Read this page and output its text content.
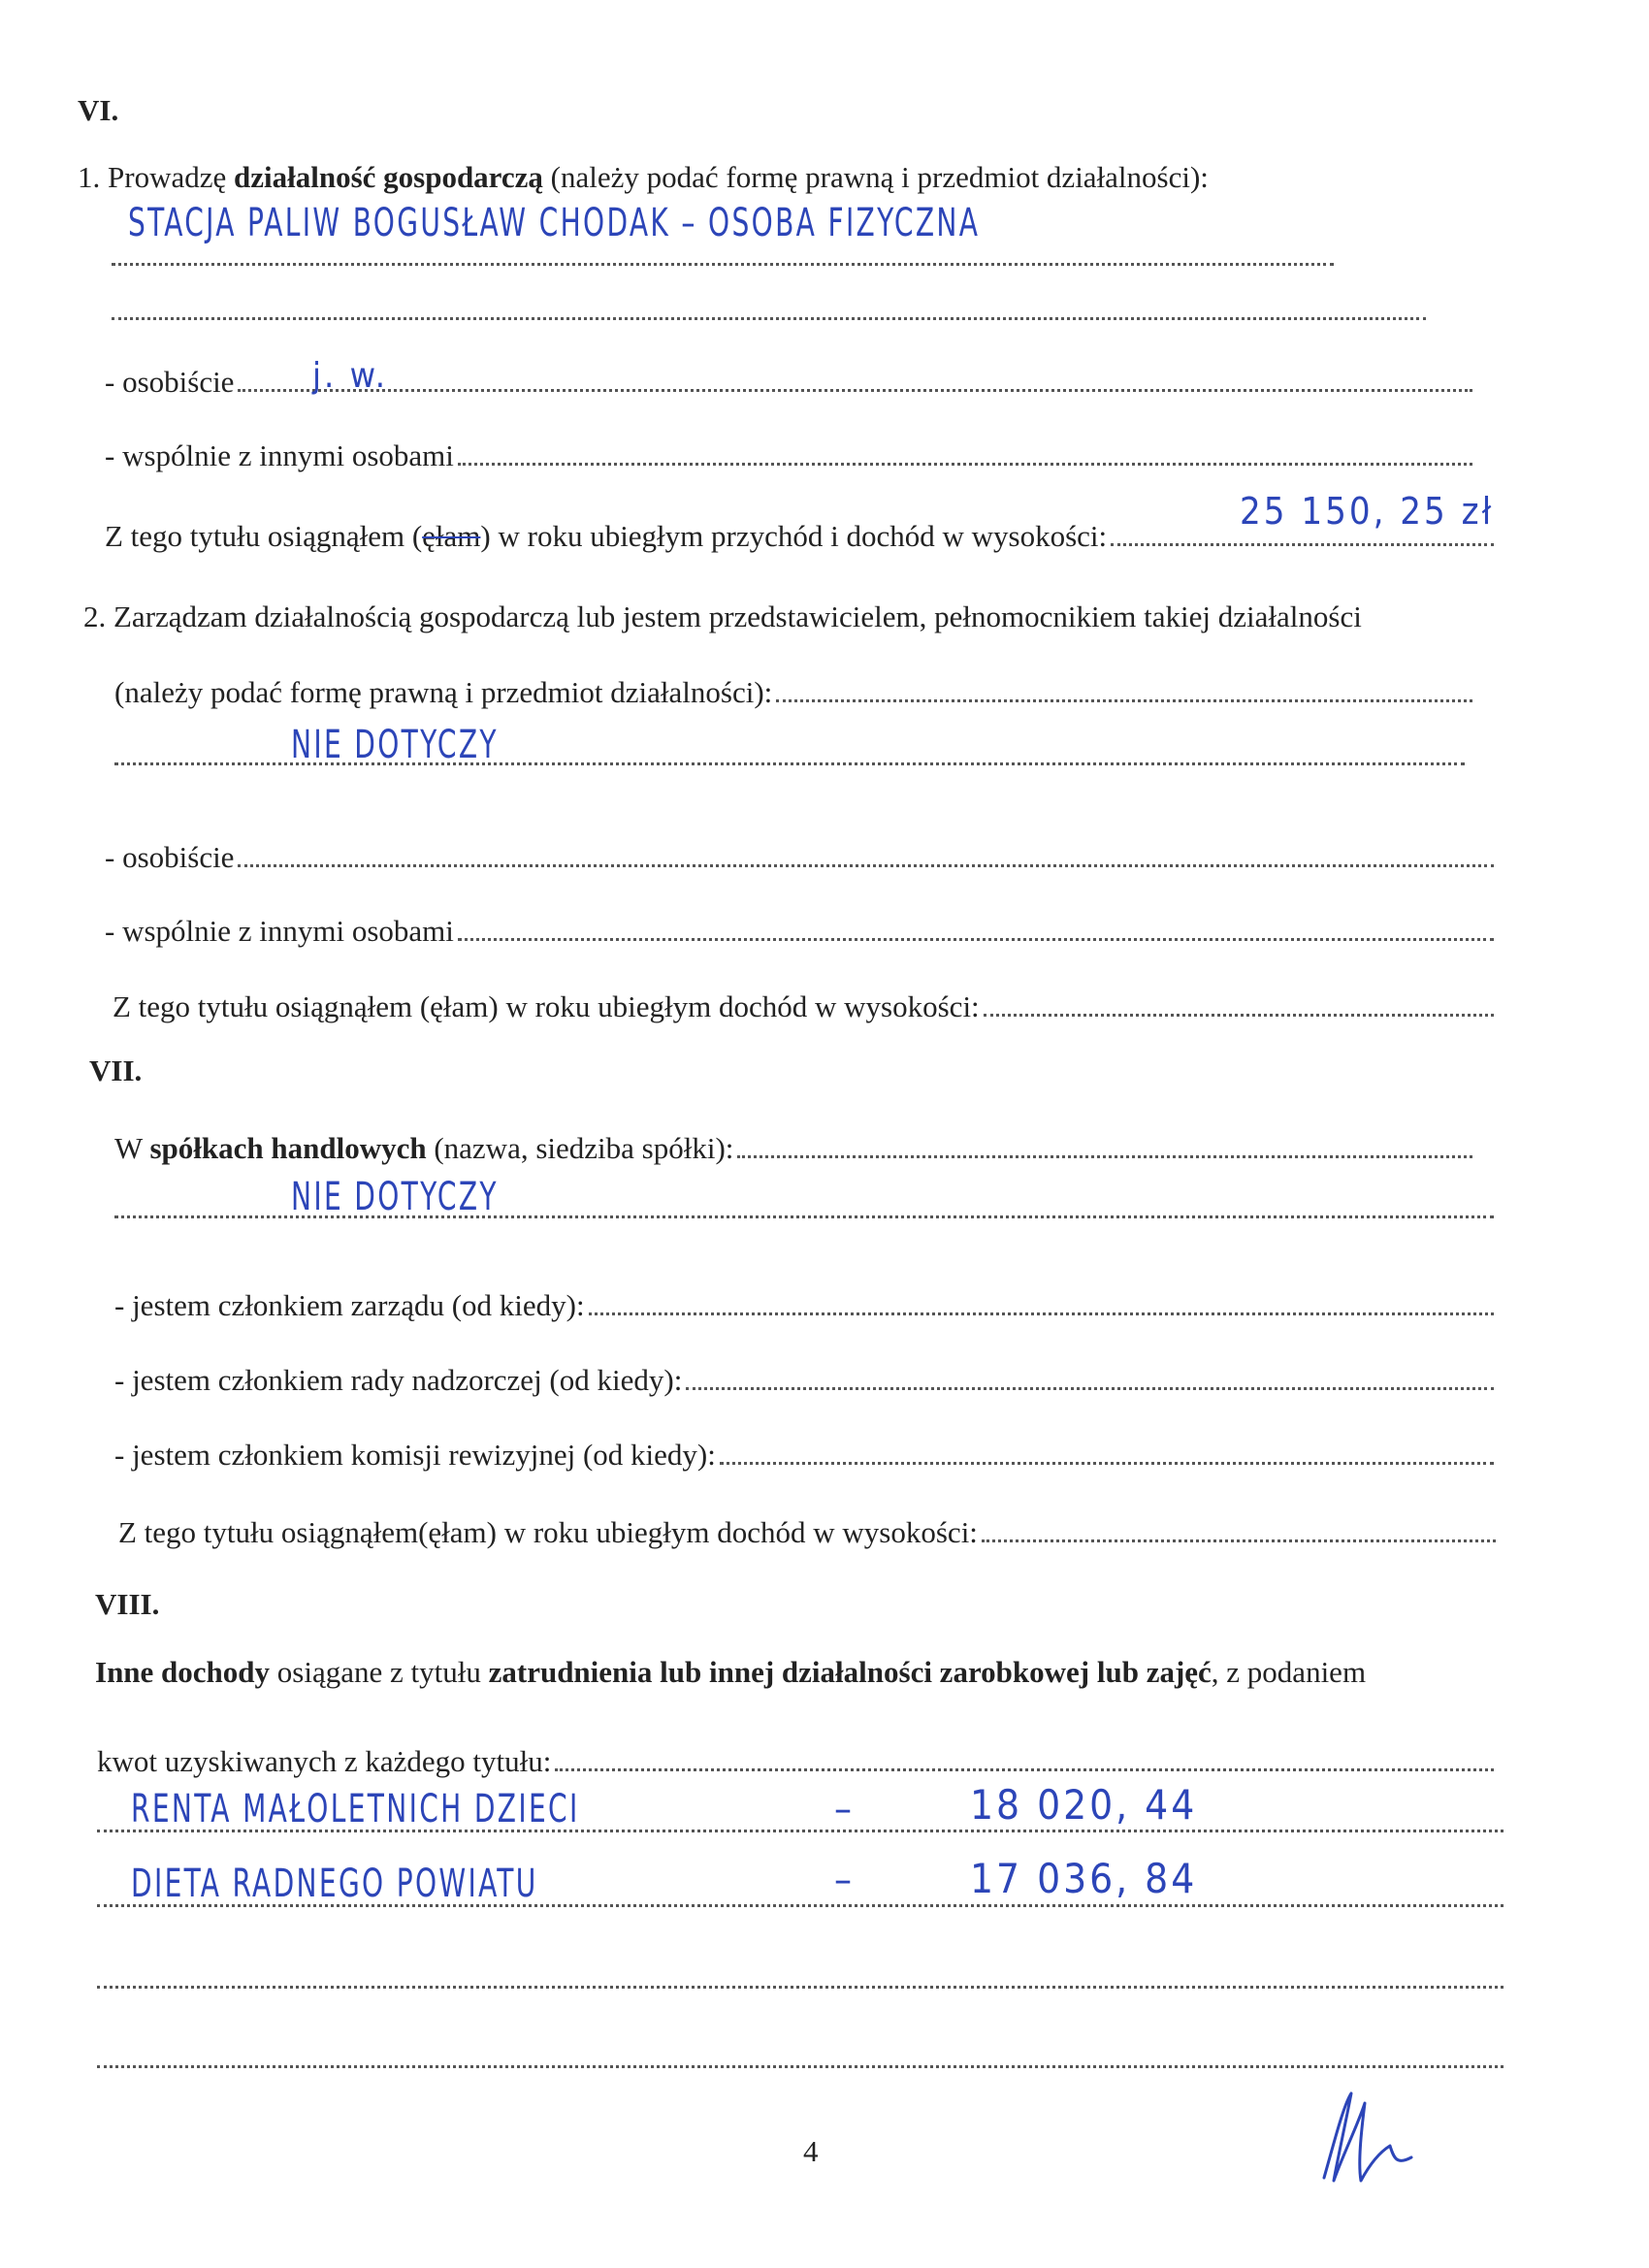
VI.
1. Prowadzę działalność gospodarczą (należy podać formę prawną i przedmiot działalności):
STACJA PALIW BOGUSŁAW CHODAK – OSOBA FIZYCZNA
- osobiście j. w.
- wspólnie z innymi osobami
Z tego tytułu osiągnąłem (ęłam) w roku ubiegłym przychód i dochód w wysokości:
25 150, 25 zł
2. Zarządzam działalnością gospodarczą lub jestem przedstawicielem, pełnomocnikiem takiej działalności
(należy podać formę prawną i przedmiot działalności):
NIE DOTYCZY
- osobiście
- wspólnie z innymi osobami
Z tego tytułu osiągnąłem (ęłam) w roku ubiegłym dochód w wysokości:
VII.
W spółkach handlowych (nazwa, siedziba spółki):
NIE DOTYCZY
- jestem członkiem zarządu (od kiedy):
- jestem członkiem rady nadzorczej (od kiedy):
- jestem członkiem komisji rewizyjnej (od kiedy):
Z tego tytułu osiągnąłem(ęłam) w roku ubiegłym dochód w wysokości:
VIII.
Inne dochody osiągane z tytułu zatrudnienia lub innej działalności zarobkowej lub zajęć, z podaniem
kwot uzyskiwanych z każdego tytułu:
RENTA MAŁOLETNICH DZIECI	–	18 020, 44
DIETA RADNEGO POWIATU	–	17 036, 84
4
